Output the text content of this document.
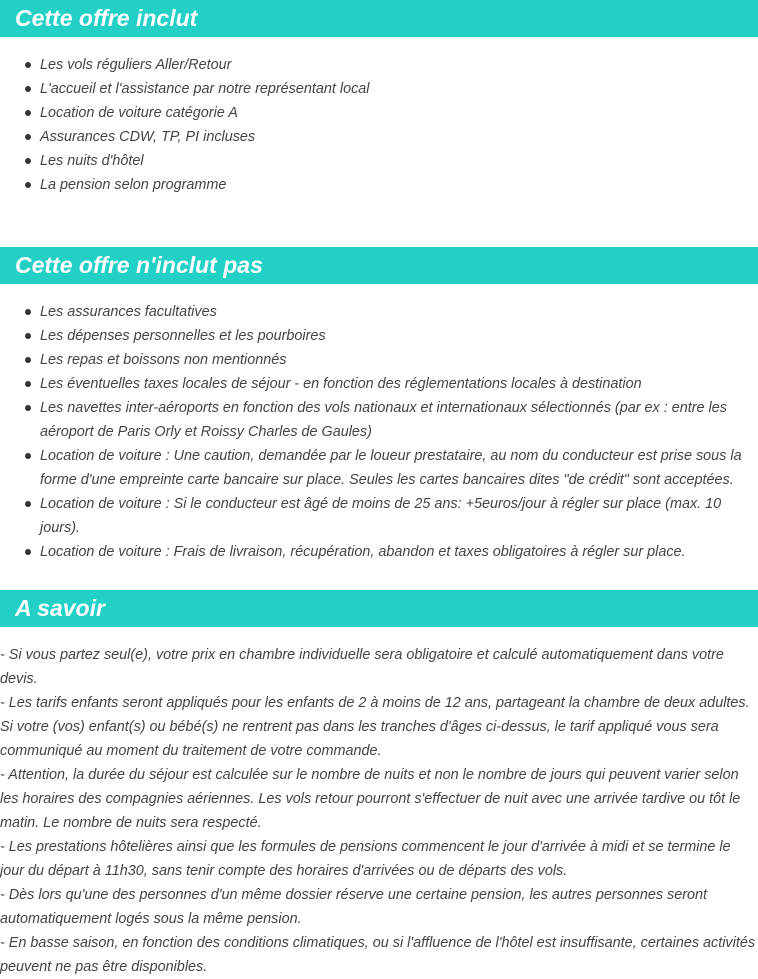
Cette offre inclut
Les vols réguliers Aller/Retour
L'accueil et l'assistance par notre représentant local
Location de voiture catégorie A
Assurances CDW, TP, PI incluses
Les nuits d'hôtel
La pension selon programme
Cette offre n'inclut pas
Les assurances facultatives
Les dépenses personnelles et les pourboires
Les repas et boissons non mentionnés
Les éventuelles taxes locales de séjour - en fonction des réglementations locales à destination
Les navettes inter-aéroports en fonction des vols nationaux et internationaux sélectionnés (par ex : entre les aéroport de Paris Orly et Roissy Charles de Gaules)
Location de voiture : Une caution, demandée par le loueur prestataire, au nom du conducteur est prise sous la forme d'une empreinte carte bancaire sur place. Seules les cartes bancaires dites "de crédit" sont acceptées.
Location de voiture : Si le conducteur est âgé de moins de 25 ans: +5euros/jour à régler sur place (max. 10 jours).
Location de voiture : Frais de livraison, récupération, abandon et taxes obligatoires à régler sur place.
A savoir

- Si vous partez seul(e), votre prix en chambre individuelle sera obligatoire et calculé automatiquement dans votre devis.

- Les tarifs enfants seront appliqués pour les enfants de 2 à moins de 12 ans, partageant la chambre de deux adultes.

Si votre (vos) enfant(s) ou bébé(s) ne rentrent pas dans les tranches d'âges ci-dessus, le tarif appliqué vous sera communiqué au moment du traitement de votre commande.

- Attention, la durée du séjour est calculée sur le nombre de nuits et non le nombre de jours qui peuvent varier selon les horaires des compagnies aériennes. Les vols retour pourront s'effectuer de nuit avec une arrivée tardive ou tôt le matin. Le nombre de nuits sera respecté.

- Les prestations hôtelières ainsi que les formules de pensions commencent le jour d'arrivée à midi et se termine le jour du départ à 11h30, sans tenir compte des horaires d'arrivées ou de départs des vols.

- Dès lors qu'une des personnes d'un même dossier réserve une certaine pension, les autres personnes seront automatiquement logés sous la même pension.

- En basse saison, en fonction des conditions climatiques, ou si l'affluence de l'hôtel est insuffisante, certaines activités peuvent ne pas être disponibles.
